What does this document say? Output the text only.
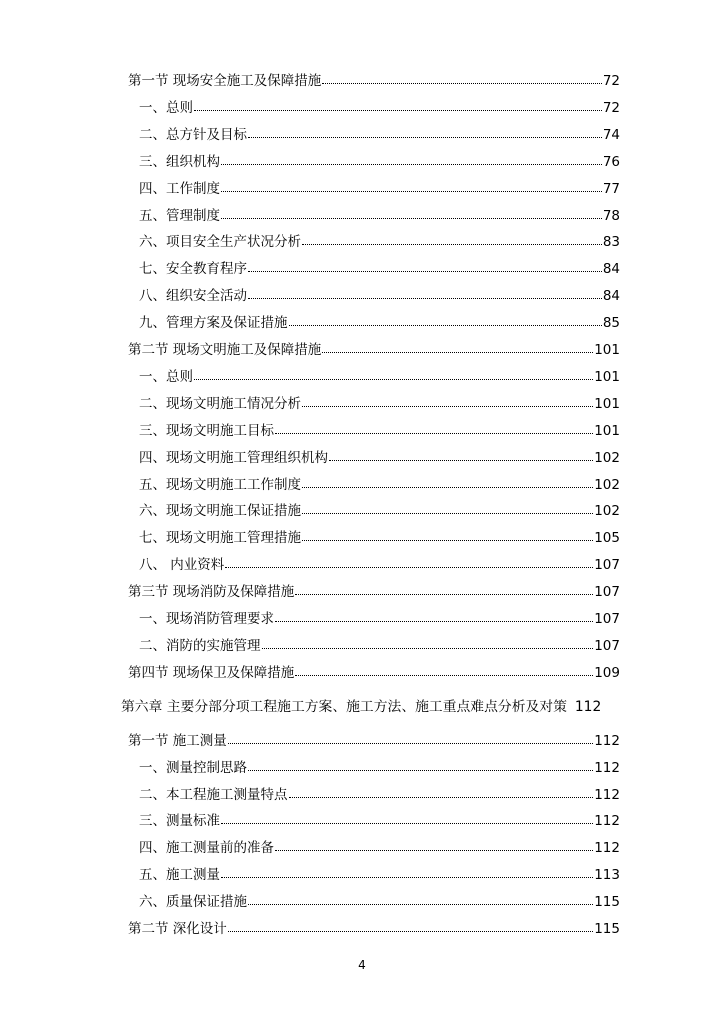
第一节 现场安全施工及保障措施	72
一、总则	72
二、总方针及目标	74
三、组织机构	76
四、工作制度	77
五、管理制度	78
六、项目安全生产状况分析	83
七、安全教育程序	84
八、组织安全活动	84
九、管理方案及保证措施	85
第二节 现场文明施工及保障措施	101
一、总则	101
二、现场文明施工情况分析	101
三、现场文明施工目标	101
四、现场文明施工管理组织机构	102
五、现场文明施工工作制度	102
六、现场文明施工保证措施	102
七、现场文明施工管理措施	105
八、 内业资料	107
第三节 现场消防及保障措施	107
一、现场消防管理要求	107
二、消防的实施管理	107
第四节 现场保卫及保障措施	109
第六章 主要分部分项工程施工方案、施工方法、施工重点难点分析及对策 112
第一节 施工测量	112
一、测量控制思路	112
二、本工程施工测量特点	112
三、测量标准	112
四、施工测量前的准备	112
五、施工测量	113
六、质量保证措施	115
第二节 深化设计	115
4
